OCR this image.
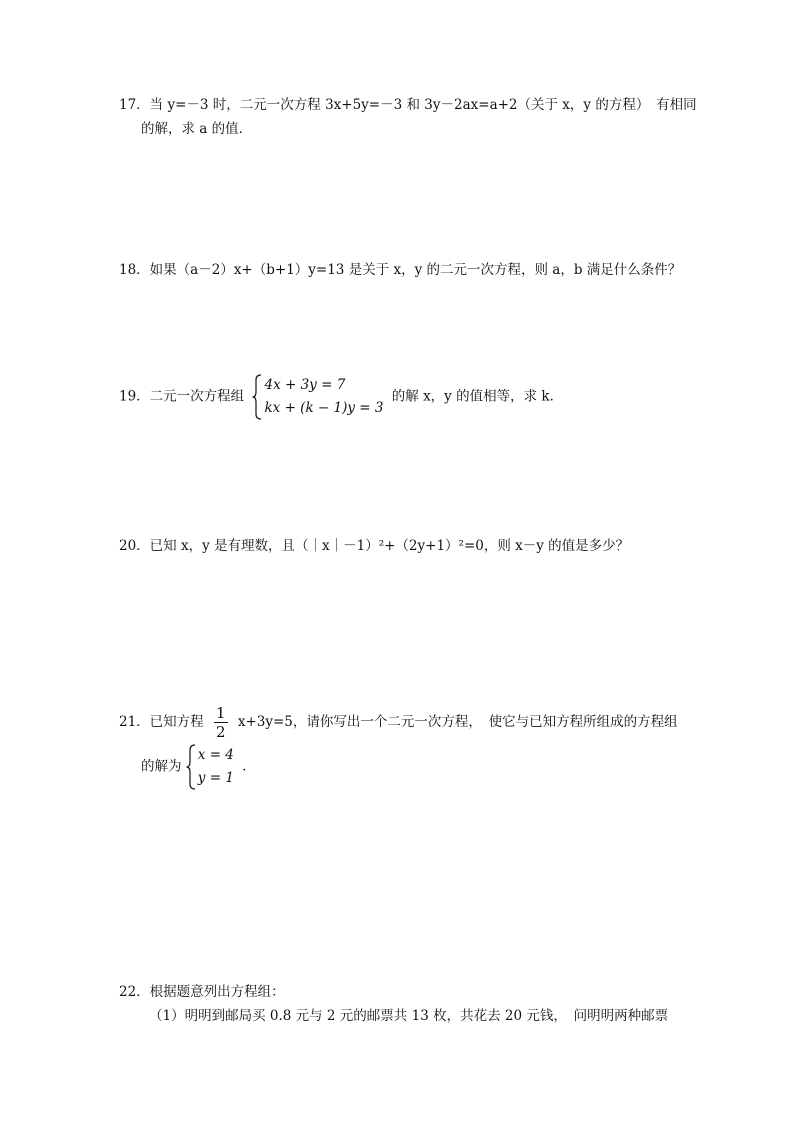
17．当 y=－3 时，二元一次方程 3x+5y=－3 和 3y－2ax=a+2（关于 x，y 的方程）　有相同
的解，求 a 的值．
18．如果（a－2）x+（b+1）y=13 是关于 x，y 的二元一次方程，则 a，b 满足什么条件？
19．二元一次方程组
4x + 3y = 7
kx + (k − 1)y = 3
的解 x，y 的值相等，求 k．
20．已知 x，y 是有理数，且（｜x｜－1）²+（2y+1）²=0，则 x－y 的值是多少？
21．已知方程 $\frac{1}{2} x+3y=5$，请你写出一个二元一次方程，　使它与已知方程所组成的方程组
的解为
x = 4
y = 1
．
22．根据题意列出方程组：
（1）明明到邮局买 0.8 元与 2 元的邮票共 13 枚，共花去 20 元钱，　问明明两种邮票
